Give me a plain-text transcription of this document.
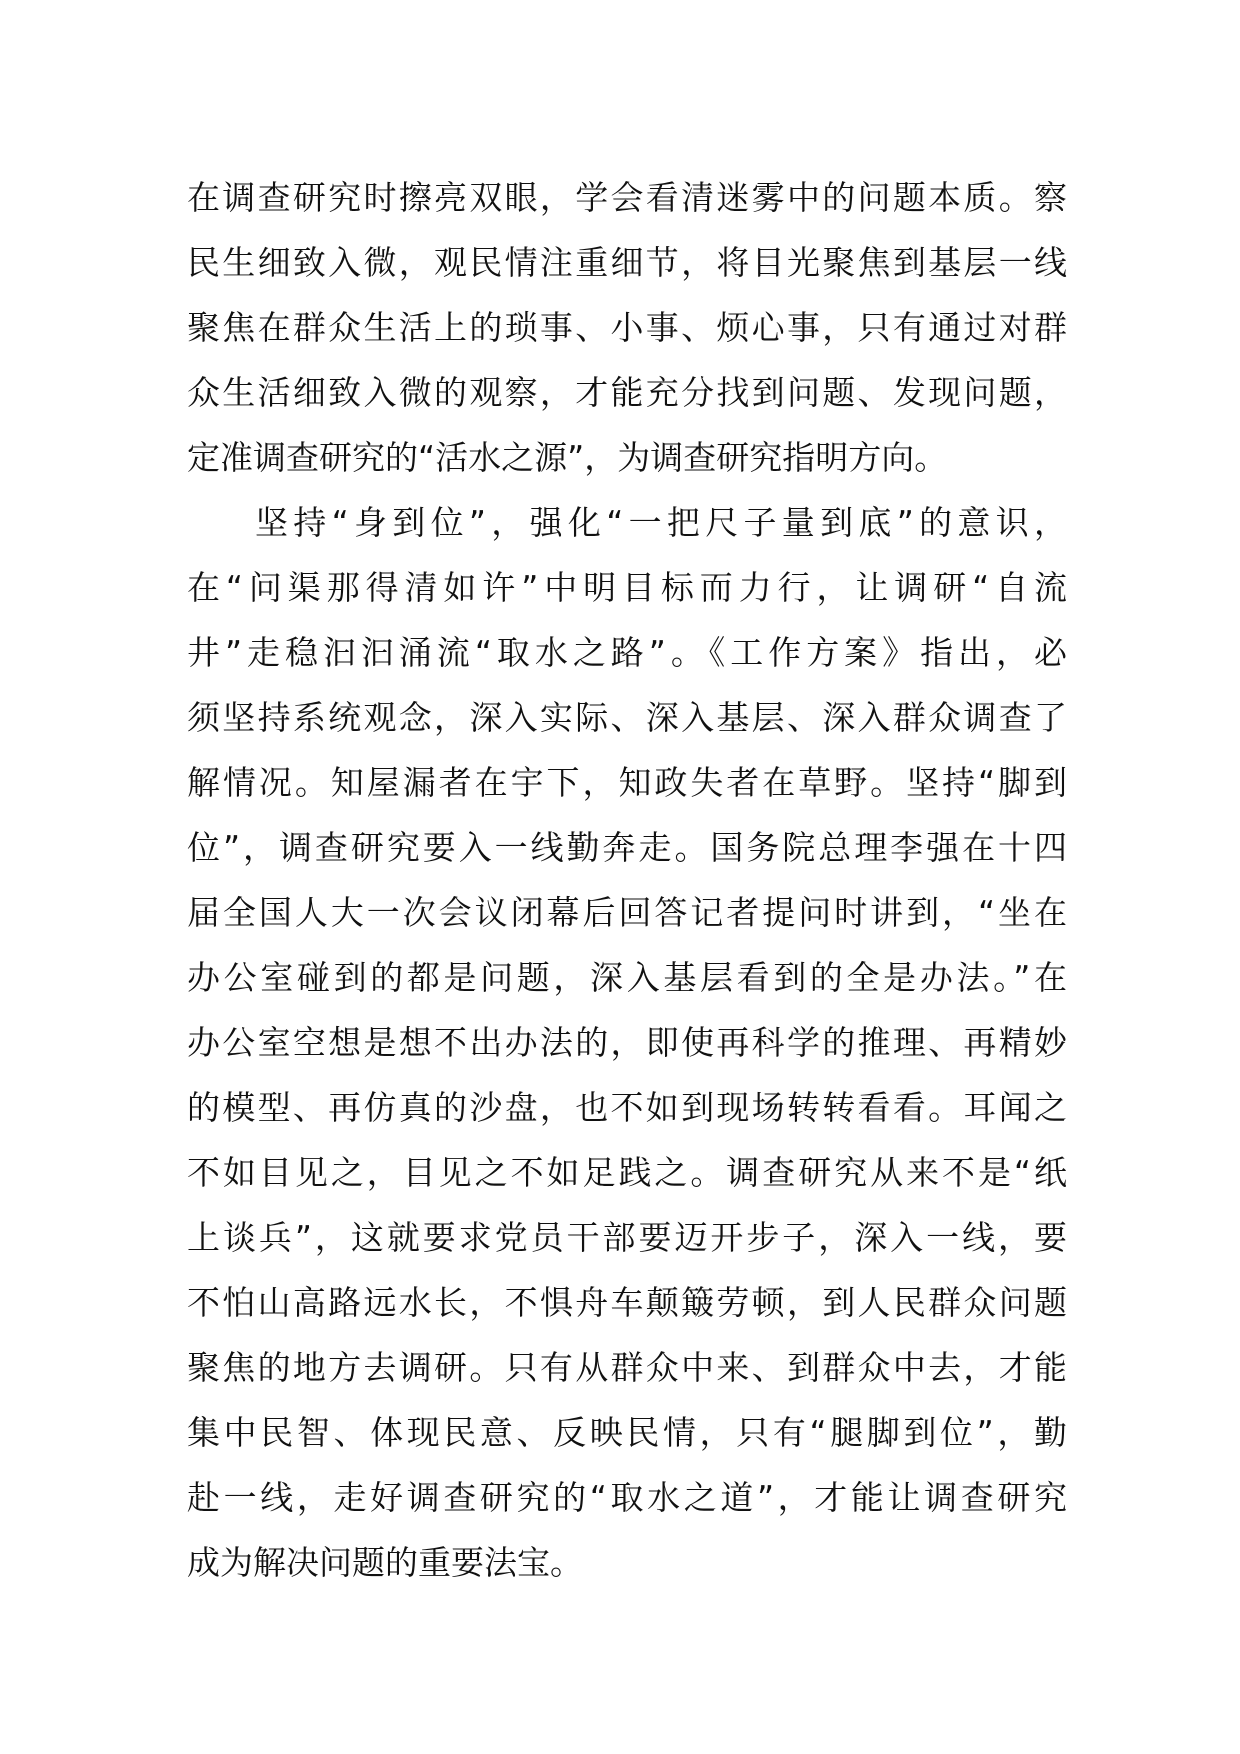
在调查研究时擦亮双眼，学会看清迷雾中的问题本质。察
民生细致入微，观民情注重细节，将目光聚焦到基层一线
聚焦在群众生活上的琐事、小事、烦心事，只有通过对群
众生活细致入微的观察，才能充分找到问题、发现问题，
定准调查研究的“活水之源”，为调查研究指明方向。
坚持“身到位”，强化“一把尺子量到底”的意识，
在“问渠那得清如许”中明目标而力行，让调研“自流
井”走稳汩汩涌流“取水之路”。《工作方案》指出，必
须坚持系统观念，深入实际、深入基层、深入群众调查了
解情况。知屋漏者在宇下，知政失者在草野。坚持“脚到
位”，调查研究要入一线勤奔走。国务院总理李强在十四
届全国人大一次会议闭幕后回答记者提问时讲到，“坐在
办公室碰到的都是问题，深入基层看到的全是办法。”在
办公室空想是想不出办法的，即使再科学的推理、再精妙
的模型、再仿真的沙盘，也不如到现场转转看看。耳闻之
不如目见之，目见之不如足践之。调查研究从来不是“纸
上谈兵”，这就要求党员干部要迈开步子，深入一线，要
不怕山高路远水长，不惧舟车颠簸劳顿，到人民群众问题
聚焦的地方去调研。只有从群众中来、到群众中去，才能
集中民智、体现民意、反映民情，只有“腿脚到位”，勤
赴一线，走好调查研究的“取水之道”，才能让调查研究
成为解决问题的重要法宝。
